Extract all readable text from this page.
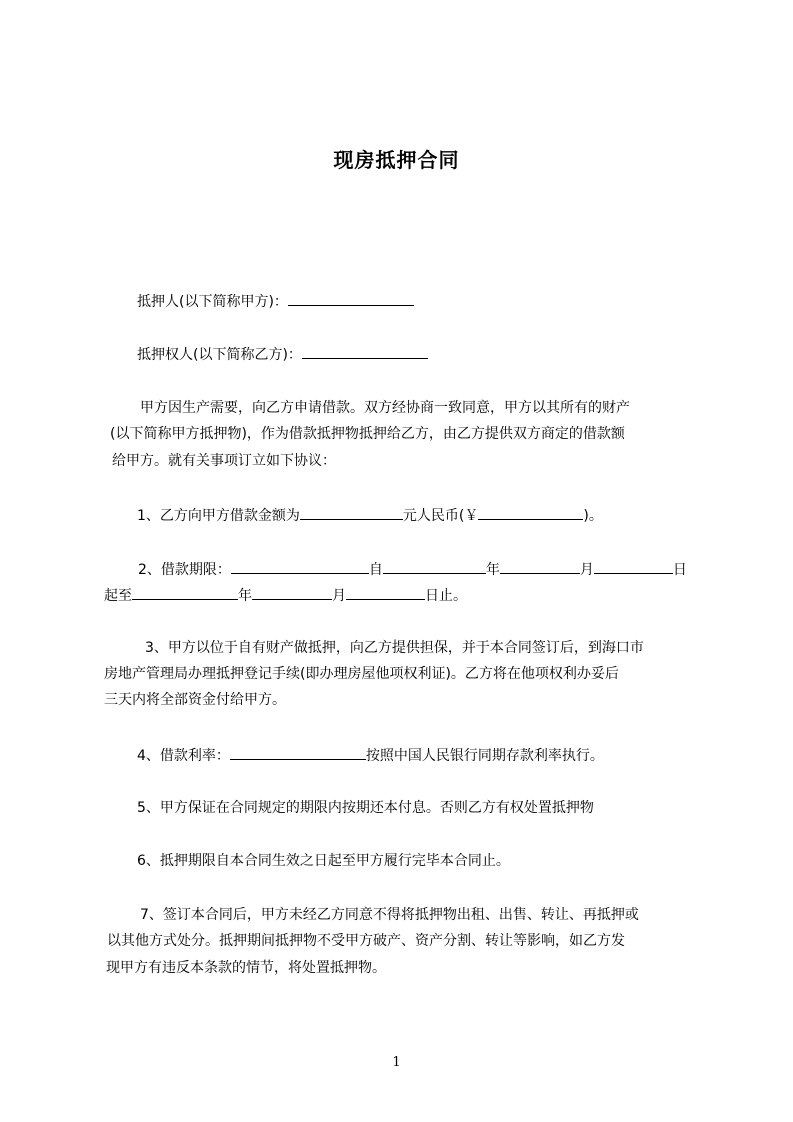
现房抵押合同
抵押人(以下简称甲方)：
抵押权人(以下简称乙方)：
甲方因生产需要，向乙方申请借款。双方经协商一致同意，甲方以其所有的财产
(以下简称甲方抵押物)，作为借款抵押物抵押给乙方，由乙方提供双方商定的借款额
给甲方。就有关事项订立如下协议：
1、乙方向甲方借款金额为	元人民币(￥	)。
2、借款期限：	自	年	月	日
起至	年	月	日止。
3、甲方以位于自有财产做抵押，向乙方提供担保，并于本合同签订后，到海口市
房地产管理局办理抵押登记手续(即办理房屋他项权利证)。乙方将在他项权利办妥后
三天内将全部资金付给甲方。
4、借款利率：	按照中国人民银行同期存款利率执行。
5、甲方保证在合同规定的期限内按期还本付息。否则乙方有权处置抵押物
6、抵押期限自本合同生效之日起至甲方履行完毕本合同止。
7、签订本合同后，甲方未经乙方同意不得将抵押物出租、出售、转让、再抵押或
以其他方式处分。抵押期间抵押物不受甲方破产、资产分割、转让等影响，如乙方发
现甲方有违反本条款的情节，将处置抵押物。
1
